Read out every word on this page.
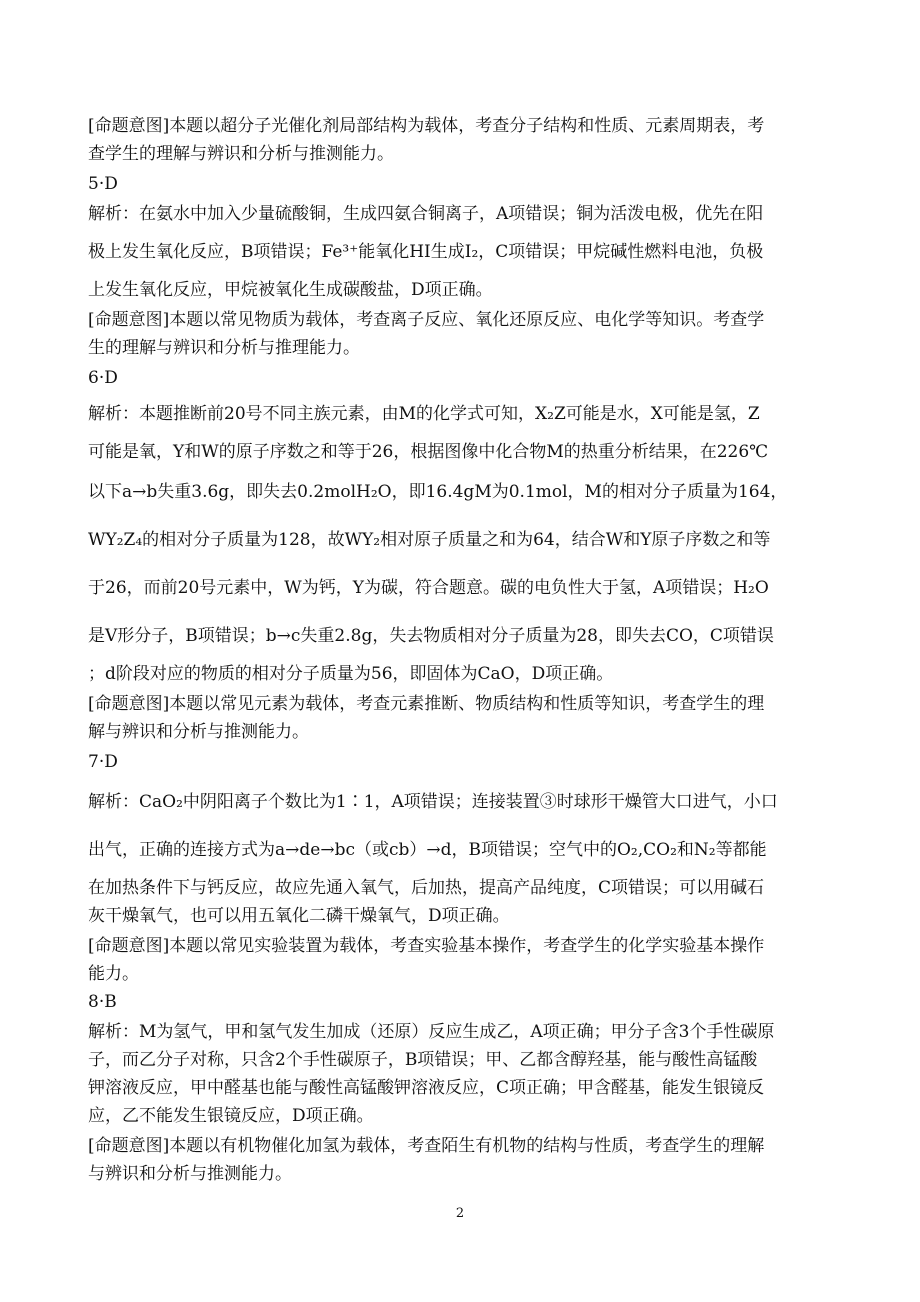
[命题意图]本题以超分子光催化剂局部结构为载体，考查分子结构和性质、元素周期表，考
查学生的理解与辨识和分析与推测能力。
5·D
解析：在氨水中加入少量硫酸铜，生成四氨合铜离子，A项错误；铜为活泼电极，优先在阳
极上发生氧化反应，B项错误；Fe³⁺能氧化HI生成I₂，C项错误；甲烷碱性燃料电池，负极
上发生氧化反应，甲烷被氧化生成碳酸盐，D项正确。
[命题意图]本题以常见物质为载体，考查离子反应、氧化还原反应、电化学等知识。考查学
生的理解与辨识和分析与推理能力。
6·D
解析：本题推断前20号不同主族元素，由M的化学式可知，X₂Z可能是水，X可能是氢，Z
可能是氧，Y和W的原子序数之和等于26，根据图像中化合物M的热重分析结果，在226℃
以下a→b失重3.6g，即失去0.2molH₂O，即16.4gM为0.1mol，M的相对分子质量为164，
WY₂Z₄的相对分子质量为128，故WY₂相对原子质量之和为64，结合W和Y原子序数之和等
于26，而前20号元素中，W为钙，Y为碳，符合题意。碳的电负性大于氢，A项错误；H₂O
是V形分子，B项错误；b→c失重2.8g，失去物质相对分子质量为28，即失去CO，C项错误
；d阶段对应的物质的相对分子质量为56，即固体为CaO，D项正确。
[命题意图]本题以常见元素为载体，考查元素推断、物质结构和性质等知识，考查学生的理
解与辨识和分析与推测能力。
7·D
解析：CaO₂中阴阳离子个数比为1∶1，A项错误；连接装置③时球形干燥管大口进气，小口
出气，正确的连接方式为a→de→bc（或cb）→d，B项错误；空气中的O₂,CO₂和N₂等都能
在加热条件下与钙反应，故应先通入氧气，后加热，提高产品纯度，C项错误；可以用碱石
灰干燥氧气，也可以用五氧化二磷干燥氧气，D项正确。
[命题意图]本题以常见实验装置为载体，考查实验基本操作，考查学生的化学实验基本操作
能力。
8·B
解析：M为氢气，甲和氢气发生加成（还原）反应生成乙，A项正确；甲分子含3个手性碳原
子，而乙分子对称，只含2个手性碳原子，B项错误；甲、乙都含醇羟基，能与酸性高锰酸
钾溶液反应，甲中醛基也能与酸性高锰酸钾溶液反应，C项正确；甲含醛基，能发生银镜反
应，乙不能发生银镜反应，D项正确。
[命题意图]本题以有机物催化加氢为载体，考查陌生有机物的结构与性质，考查学生的理解
与辨识和分析与推测能力。
2
